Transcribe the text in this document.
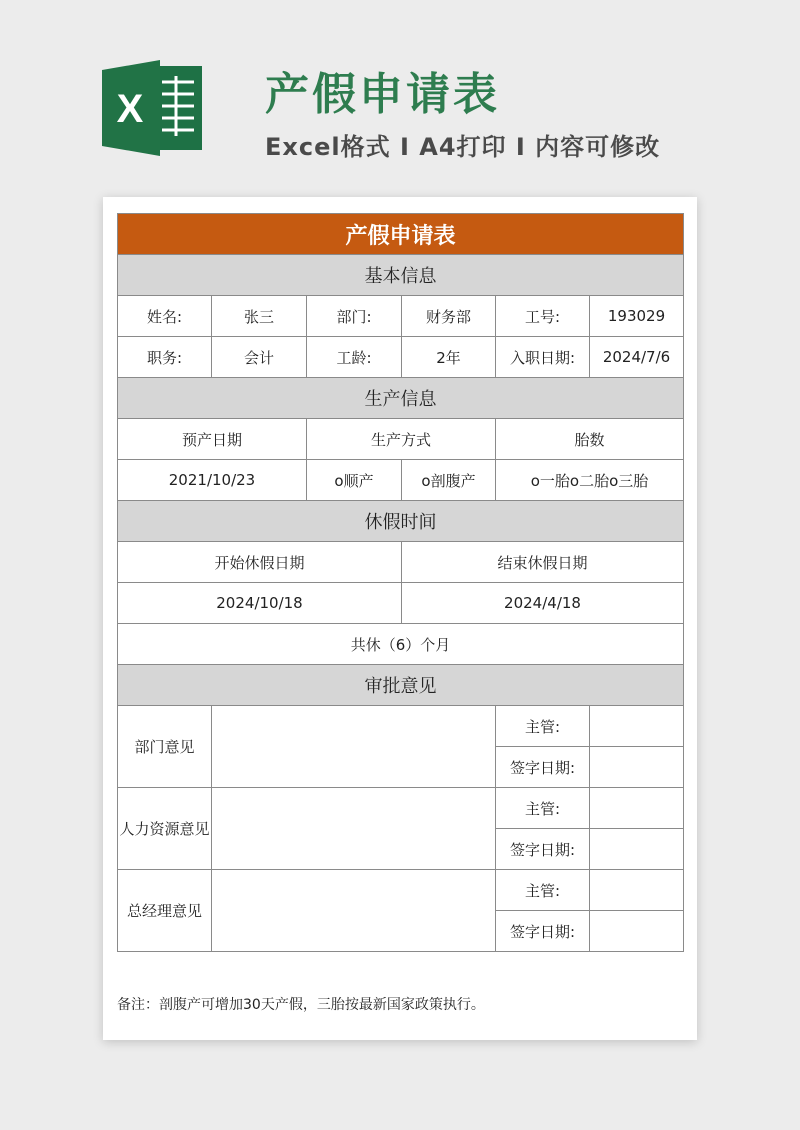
X	产假申请表
Excel格式 I A4打印 I 内容可修改
产假申请表					
基本信息					
姓名:	张三	部门:	财务部	工号:	193029
职务:	会计	工龄:	2年	入职日期:	2024/7/6
生产信息					
预产日期		生产方式		胎数	
2021/10/23		o顺产	o剖腹产	o一胎o二胎o三胎	
休假时间					
开始休假日期			结束休假日期		
2024/10/18			2024/4/18		
共休（6）个月					
审批意见					
部门意见				主管:	
				签字日期:	
人力资源意见				主管:	
				签字日期:	
总经理意见				主管:	
				签字日期:	
备注：剖腹产可增加30天产假，三胎按最新国家政策执行。
